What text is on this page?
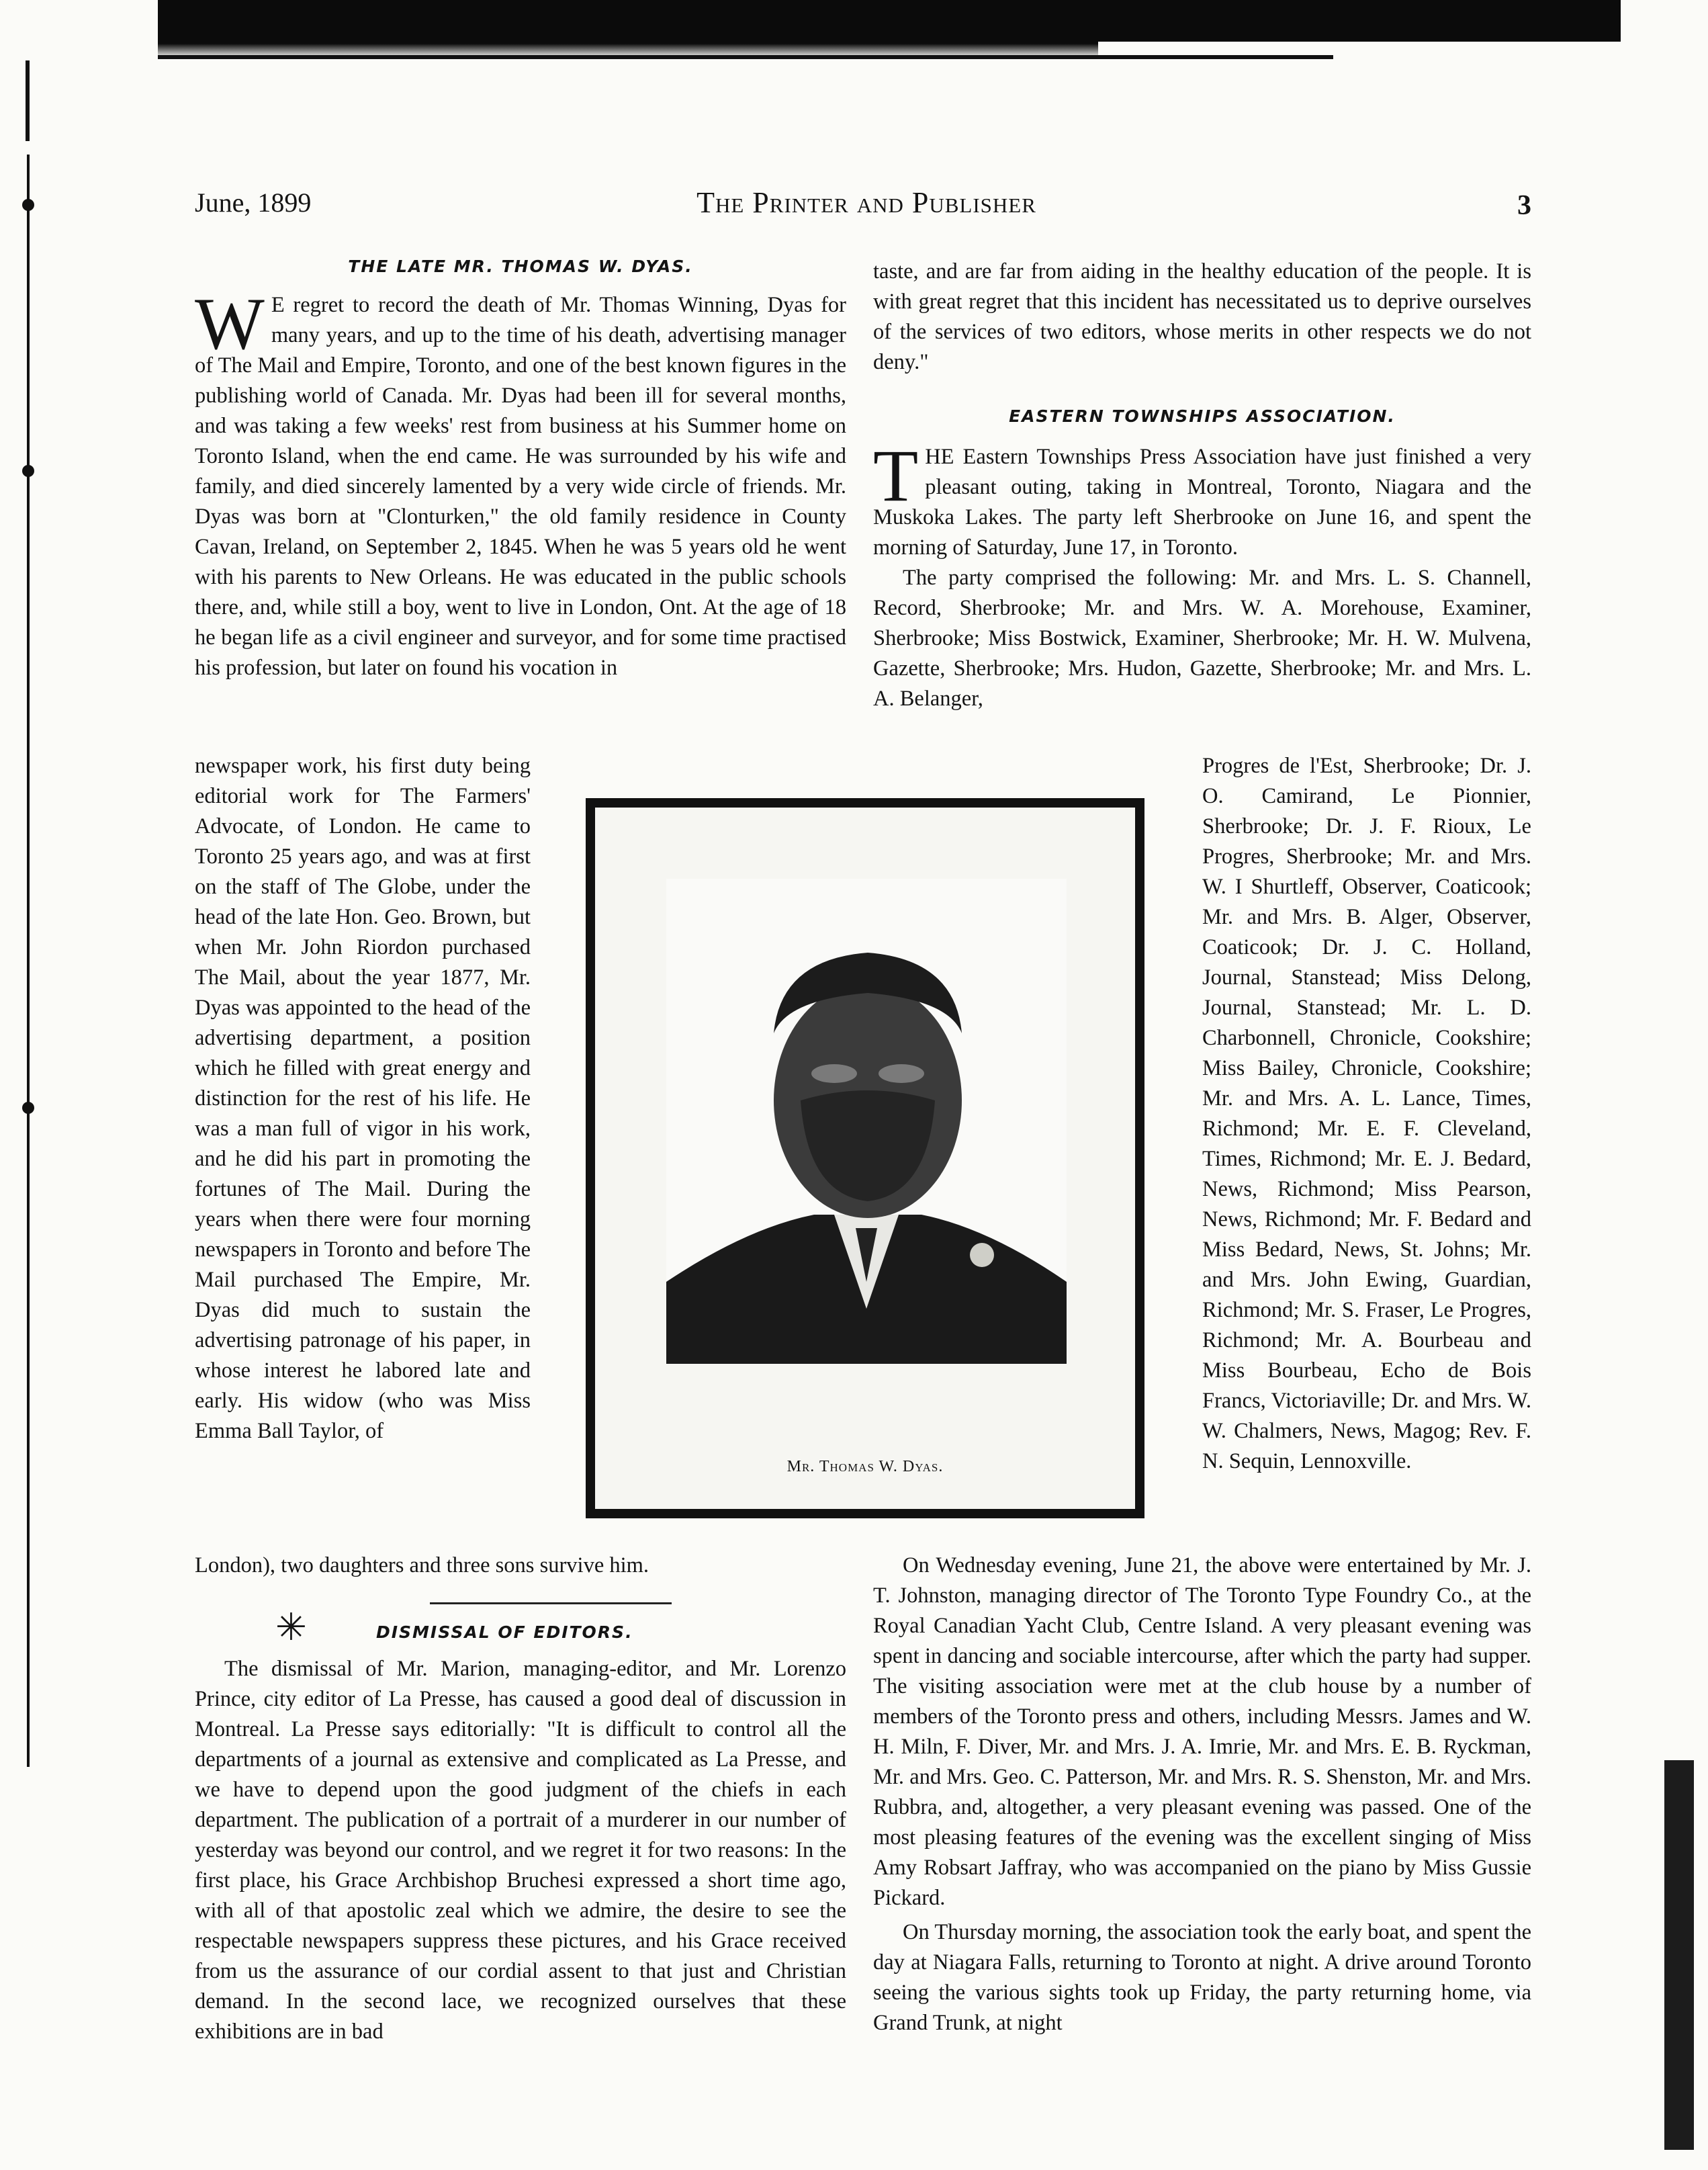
June, 1899	The Printer and Publisher	3
THE LATE MR. THOMAS W. DYAS.

W E regret to record the death of Mr. Thomas Winning, Dyas for many years, and up to the time of his death, advertising manager of The Mail and Empire, Toronto, and one of the best known figures in the publishing world of Canada. Mr. Dyas had been ill for several months, and was taking a few weeks' rest from business at his Summer home on Toronto Island, when the end came. He was surrounded by his wife and family, and died sincerely lamented by a very wide circle of friends. Mr. Dyas was born at "Clonturken," the old family residence in County Cavan, Ireland, on September 2, 1845. When he was 5 years old he went with his parents to New Orleans. He was educated in the public schools there, and, while still a boy, went to live in London, Ont. At the age of 18 he began life as a civil engineer and surveyor, and for some time practised his profession, but later on found his vocation in

newspaper work, his first duty being editorial work for The Farmers' Advocate, of London. He came to Toronto 25 years ago, and was at first on the staff of The Globe, under the head of the late Hon. Geo. Brown, but when Mr. John Riordon purchased The Mail, about the year 1877, Mr. Dyas was appointed to the head of the advertising department, a position which he filled with great energy and distinction for the rest of his life. He was a man full of vigor in his work, and he did his part in promoting the fortunes of The Mail. During the years when there were four morning newspapers in Toronto and before The Mail purchased The Empire, Mr. Dyas did much to sustain the advertising patronage of his paper, in whose interest he labored late and early. His widow (who was Miss Emma Ball Taylor, of

London), two daughters and three sons survive him.

✳	DISMISSAL OF EDITORS.

The dismissal of Mr. Marion, managing-editor, and Mr. Lorenzo Prince, city editor of La Presse, has caused a good deal of discussion in Montreal. La Presse says editorially: "It is difficult to control all the departments of a journal as extensive and complicated as La Presse, and we have to depend upon the good judgment of the chiefs in each department. The publication of a portrait of a murderer in our number of yesterday was beyond our control, and we regret it for two reasons: In the first place, his Grace Archbishop Bruchesi expressed a short time ago, with all of that apostolic zeal which we admire, the desire to see the respectable newspapers suppress these pictures, and his Grace received from us the assurance of our cordial assent to that just and Christian demand. In the second lace, we recognized ourselves that these exhibitions are in bad

taste, and are far from aiding in the healthy education of the people. It is with great regret that this incident has necessitated us to deprive ourselves of the services of two editors, whose merits in other respects we do not deny."

EASTERN TOWNSHIPS ASSOCIATION.

THE Eastern Townships Press Association have just finished a very pleasant outing, taking in Montreal, Toronto, Niagara and the Muskoka Lakes. The party left Sherbrooke on June 16, and spent the morning of Saturday, June 17, in Toronto.

The party comprised the following: Mr. and Mrs. L. S. Channell, Record, Sherbrooke; Mr. and Mrs. W. A. Morehouse, Examiner, Sherbrooke; Miss Bostwick, Examiner, Sherbrooke; Mr. H. W. Mulvena, Gazette, Sherbrooke; Mrs. Hudon, Gazette, Sherbrooke; Mr. and Mrs. L. A. Belanger,

Progres de l'Est, Sherbrooke; Dr. J. O. Camirand, Le Pionnier, Sherbrooke; Dr. J. F. Rioux, Le Progres, Sherbrooke; Mr. and Mrs. W. I Shurtleff, Observer, Coaticook; Mr. and Mrs. B. Alger, Observer, Coaticook; Dr. J. C. Holland, Journal, Stanstead; Miss Delong, Journal, Stanstead; Mr. L. D. Charbonnell, Chronicle, Cookshire; Miss Bailey, Chronicle, Cookshire; Mr. and Mrs. A. L. Lance, Times, Richmond; Mr. E. F. Cleveland, Times, Richmond; Mr. E. J. Bedard, News, Richmond; Miss Pearson, News, Richmond; Mr. F. Bedard and Miss Bedard, News, St. Johns; Mr. and Mrs. John Ewing, Guardian, Richmond; Mr. S. Fraser, Le Progres, Richmond; Mr. A. Bourbeau and Miss Bourbeau, Echo de Bois Francs, Victoriaville; Dr. and Mrs. W. W. Chalmers, News, Magog; Rev. F. N. Sequin, Lennoxville.

On Wednesday evening, June 21, the above were entertained by Mr. J. T. Johnston, managing director of The Toronto Type Foundry Co., at the Royal Canadian Yacht Club, Centre Island. A very pleasant evening was spent in dancing and sociable intercourse, after which the party had supper. The visiting association were met at the club house by a number of members of the Toronto press and others, including Messrs. James and W. H. Miln, F. Diver, Mr. and Mrs. J. A. Imrie, Mr. and Mrs. E. B. Ryckman, Mr. and Mrs. Geo. C. Patterson, Mr. and Mrs. R. S. Shenston, Mr. and Mrs. Rubbra, and, altogether, a very pleasant evening was passed. One of the most pleasing features of the evening was the excellent singing of Miss Amy Robsart Jaffray, who was accompanied on the piano by Miss Gussie Pickard.

On Thursday morning, the association took the early boat, and spent the day at Niagara Falls, returning to Toronto at night. A drive around Toronto seeing the various sights took up Friday, the party returning home, via Grand Trunk, at night

Mr. Thomas W. Dyas.
